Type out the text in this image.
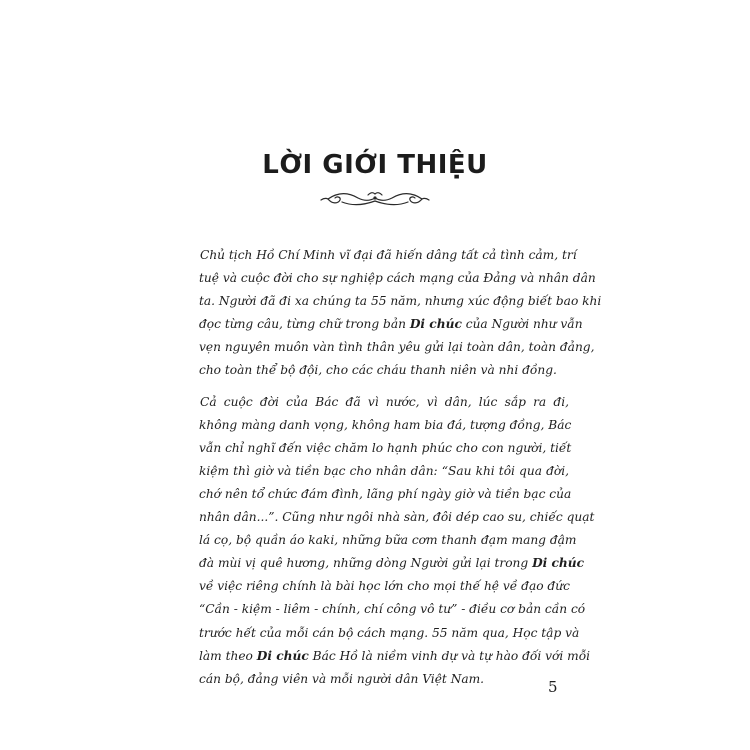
LỜI GIỚI THIỆU
Chủ tịch Hồ Chí Minh vĩ đại đã hiến dâng tất cả tình cảm, trí
tuệ và cuộc đời cho sự nghiệp cách mạng của Đảng và nhân dân
ta. Người đã đi xa chúng ta 55 năm, nhưng xúc động biết bao khi
đọc từng câu, từng chữ trong bản Di chúc của Người như vẫn
vẹn nguyên muôn vàn tình thân yêu gửi lại toàn dân, toàn đảng,
cho toàn thể bộ đội, cho các cháu thanh niên và nhi đồng.
Cả cuộc đời của Bác đã vì nước, vì dân, lúc sắp ra đi,
không màng danh vọng, không ham bia đá, tượng đồng, Bác
vẫn chỉ nghĩ đến việc chăm lo hạnh phúc cho con người, tiết
kiệm thì giờ và tiền bạc cho nhân dân: “Sau khi tôi qua đời,
chớ nên tổ chức đám đình, lãng phí ngày giờ và tiền bạc của
nhân dân...”. Cũng như ngôi nhà sàn, đôi dép cao su, chiếc quạt
lá cọ, bộ quần áo kaki, những bữa cơm thanh đạm mang đậm
đà mùi vị quê hương, những dòng Người gửi lại trong Di chúc
về việc riêng chính là bài học lớn cho mọi thế hệ về đạo đức
“Cần - kiệm - liêm - chính, chí công vô tư” - điều cơ bản cần có
trước hết của mỗi cán bộ cách mạng. 55 năm qua, Học tập và
làm theo Di chúc Bác Hồ là niềm vinh dự và tự hào đối với mỗi
cán bộ, đảng viên và mỗi người dân Việt Nam.	5
